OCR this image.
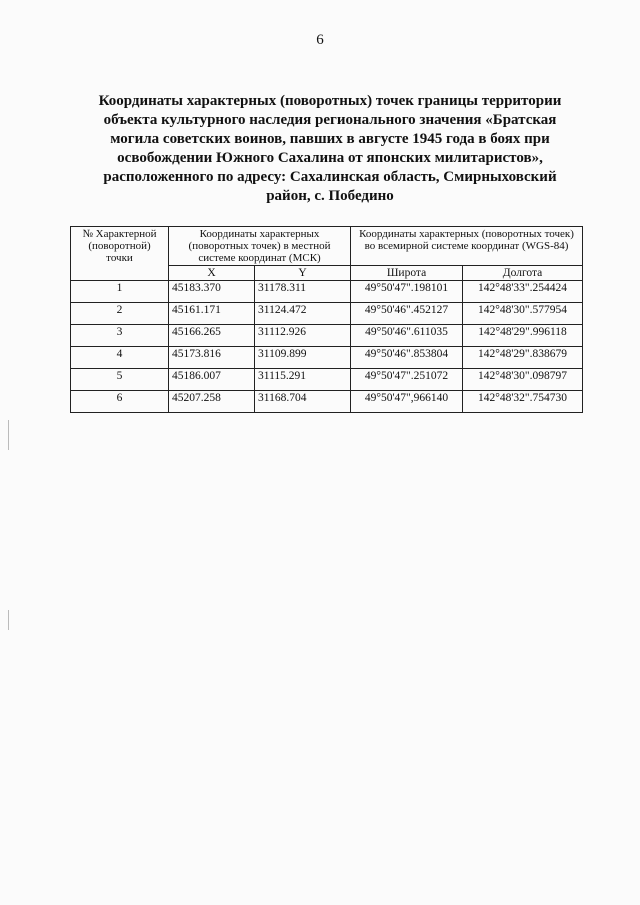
6
Координаты характерных (поворотных) точек границы территории
объекта культурного наследия регионального значения «Братская
могила советских воинов, павших в августе 1945 года в боях при
освобождении Южного Сахалина от японских милитаристов»,
расположенного по адресу: Сахалинская область, Смирныховский
район, с. Победино
№ Характерной (поворотной) точки	Координаты характерных (поворотных точек) в местной системе координат (МСК)		Координаты характерных (поворотных точек) во всемирной системе координат (WGS-84)	
	X	Y	Широта	Долгота
1	45183.370	31178.311	49°50'47".198101	142°48'33".254424
2	45161.171	31124.472	49°50'46".452127	142°48'30".577954
3	45166.265	31112.926	49°50'46".611035	142°48'29".996118
4	45173.816	31109.899	49°50'46".853804	142°48'29".838679
5	45186.007	31115.291	49°50'47".251072	142°48'30".098797
6	45207.258	31168.704	49°50'47",966140	142°48'32".754730
